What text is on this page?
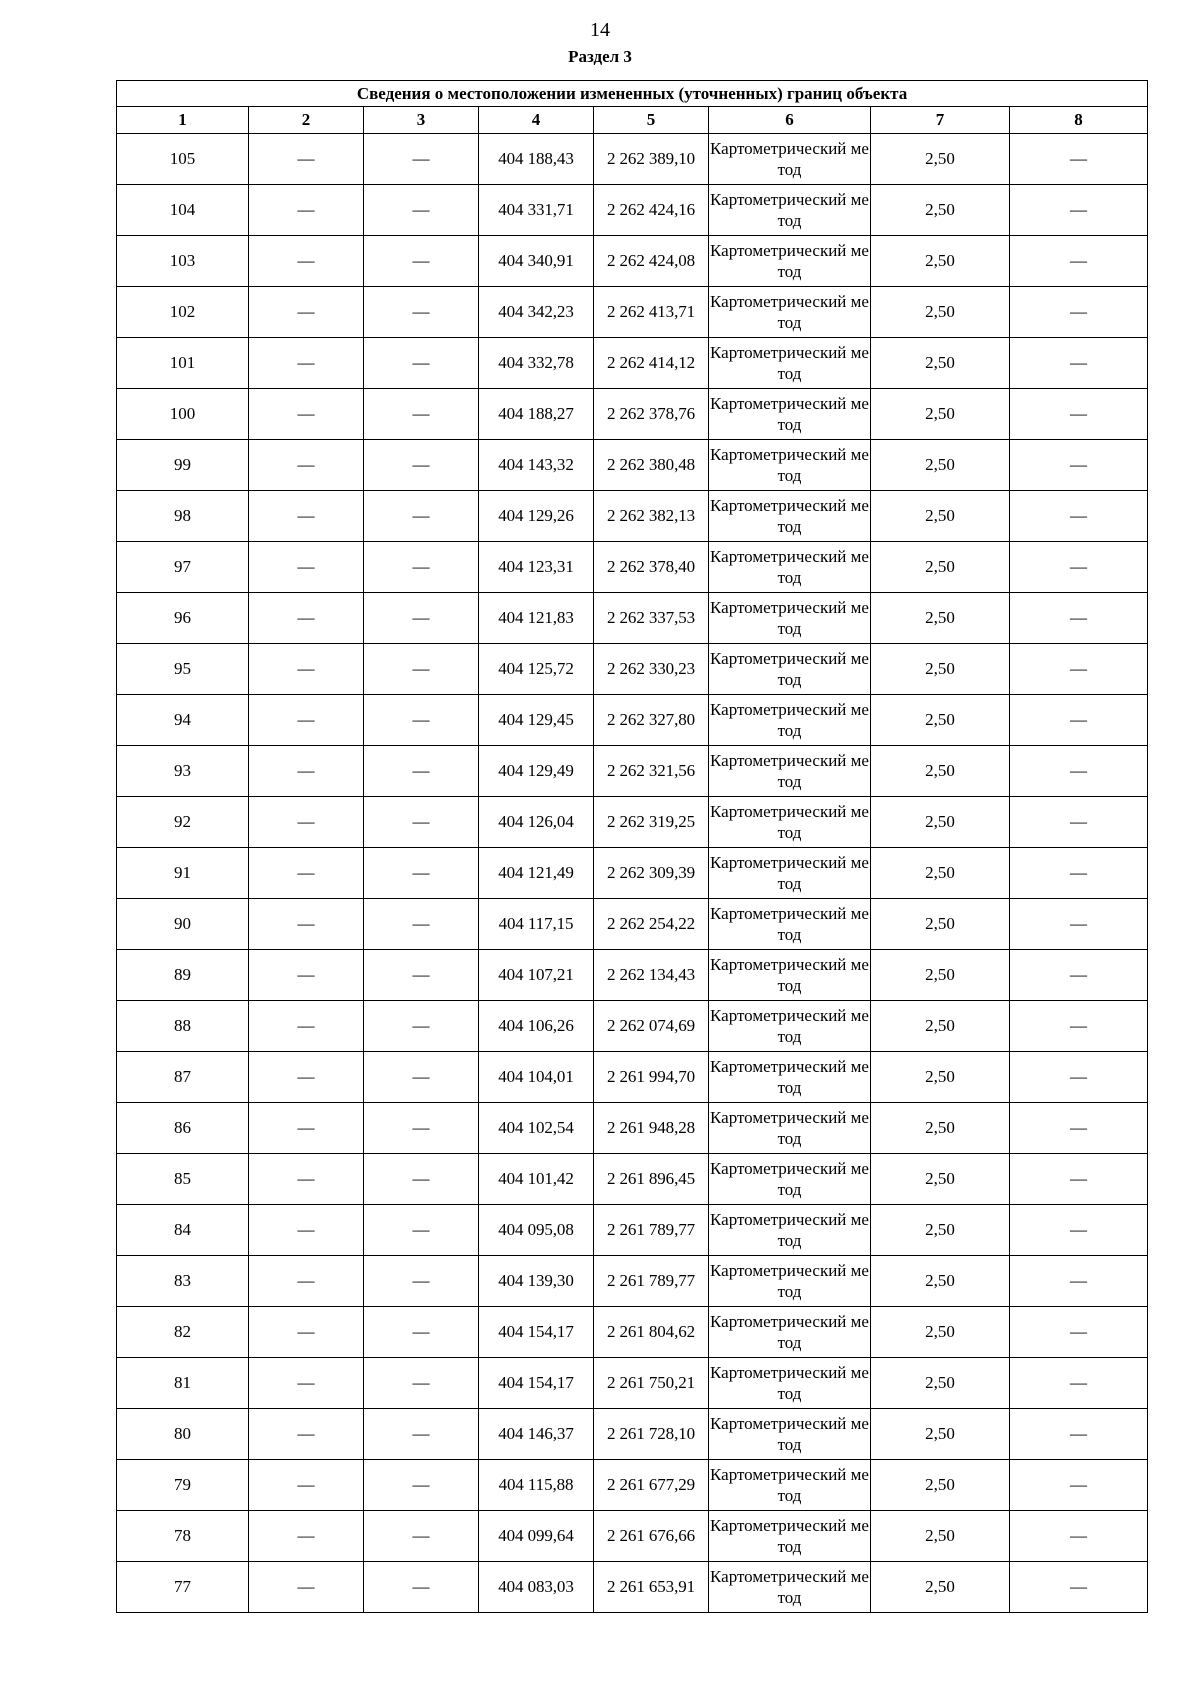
14
Раздел 3
Сведения о местоположении измененных (уточненных) границ объекта							
1	2	3	4	5	6	7	8
105	—	—	404 188,43	2 262 389,10	Картометрический метод	2,50	—
104	—	—	404 331,71	2 262 424,16	Картометрический метод	2,50	—
103	—	—	404 340,91	2 262 424,08	Картометрический метод	2,50	—
102	—	—	404 342,23	2 262 413,71	Картометрический метод	2,50	—
101	—	—	404 332,78	2 262 414,12	Картометрический метод	2,50	—
100	—	—	404 188,27	2 262 378,76	Картометрический метод	2,50	—
99	—	—	404 143,32	2 262 380,48	Картометрический метод	2,50	—
98	—	—	404 129,26	2 262 382,13	Картометрический метод	2,50	—
97	—	—	404 123,31	2 262 378,40	Картометрический метод	2,50	—
96	—	—	404 121,83	2 262 337,53	Картометрический метод	2,50	—
95	—	—	404 125,72	2 262 330,23	Картометрический метод	2,50	—
94	—	—	404 129,45	2 262 327,80	Картометрический метод	2,50	—
93	—	—	404 129,49	2 262 321,56	Картометрический метод	2,50	—
92	—	—	404 126,04	2 262 319,25	Картометрический метод	2,50	—
91	—	—	404 121,49	2 262 309,39	Картометрический метод	2,50	—
90	—	—	404 117,15	2 262 254,22	Картометрический метод	2,50	—
89	—	—	404 107,21	2 262 134,43	Картометрический метод	2,50	—
88	—	—	404 106,26	2 262 074,69	Картометрический метод	2,50	—
87	—	—	404 104,01	2 261 994,70	Картометрический метод	2,50	—
86	—	—	404 102,54	2 261 948,28	Картометрический метод	2,50	—
85	—	—	404 101,42	2 261 896,45	Картометрический метод	2,50	—
84	—	—	404 095,08	2 261 789,77	Картометрический метод	2,50	—
83	—	—	404 139,30	2 261 789,77	Картометрический метод	2,50	—
82	—	—	404 154,17	2 261 804,62	Картометрический метод	2,50	—
81	—	—	404 154,17	2 261 750,21	Картометрический метод	2,50	—
80	—	—	404 146,37	2 261 728,10	Картометрический метод	2,50	—
79	—	—	404 115,88	2 261 677,29	Картометрический метод	2,50	—
78	—	—	404 099,64	2 261 676,66	Картометрический метод	2,50	—
77	—	—	404 083,03	2 261 653,91	Картометрический метод	2,50	—
